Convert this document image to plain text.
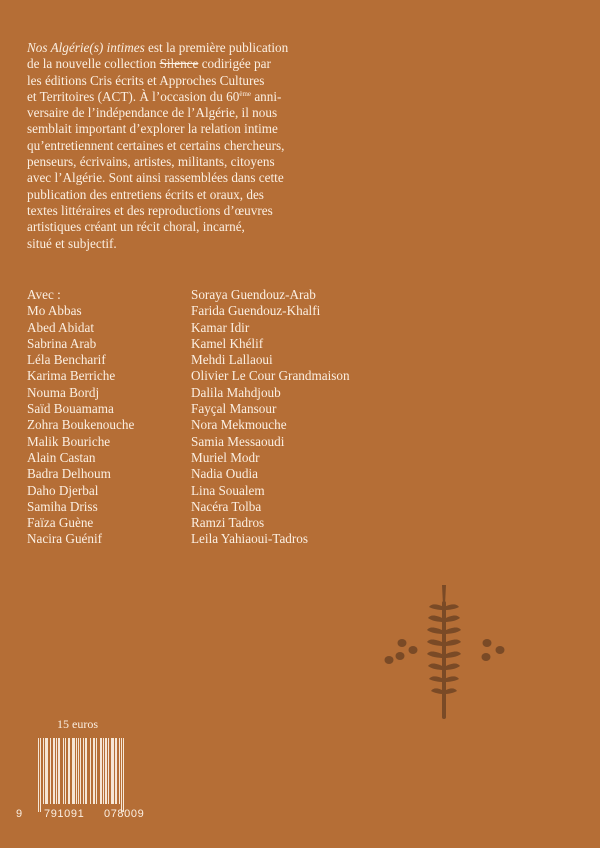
Nos Algérie(s) intimes est la première publication
de la nouvelle collection Silence codirigée par
les éditions Cris écrits et Approches Cultures
et Territoires (ACT). À l’occasion du 60ème anni-
versaire de l’indépendance de l’Algérie, il nous
semblait important d’explorer la relation intime
qu’entretiennent certaines et certains chercheurs,
penseurs, écrivains, artistes, militants, citoyens
avec l’Algérie. Sont ainsi rassemblées dans cette
publication des entretiens écrits et oraux, des
textes littéraires et des reproductions d’œuvres
artistiques créant un récit choral, incarné,
situé et subjectif.

Avec :
Mo Abbas
Abed Abidat
Sabrina Arab
Léla Bencharif
Karima Berriche
Nouma Bordj
Saïd Bouamama
Zohra Boukenouche
Malik Bouriche
Alain Castan
Badra Delhoum
Daho Djerbal
Samiha Driss
Faïza Guène
Nacira Guénif
Soraya Guendouz-Arab
Farida Guendouz-Khalfi
Kamar Idir
Kamel Khélif
Mehdi Lallaoui
Olivier Le Cour Grandmaison
Dalila Mahdjoub
Fayçal Mansour
Nora Mekmouche
Samia Messaoudi
Muriel Modr
Nadia Oudia
Lina Soualem
Nacéra Tolba
Ramzi Tadros
Leila Yahiaoui-Tadros
15 euros
9 791091 078009
